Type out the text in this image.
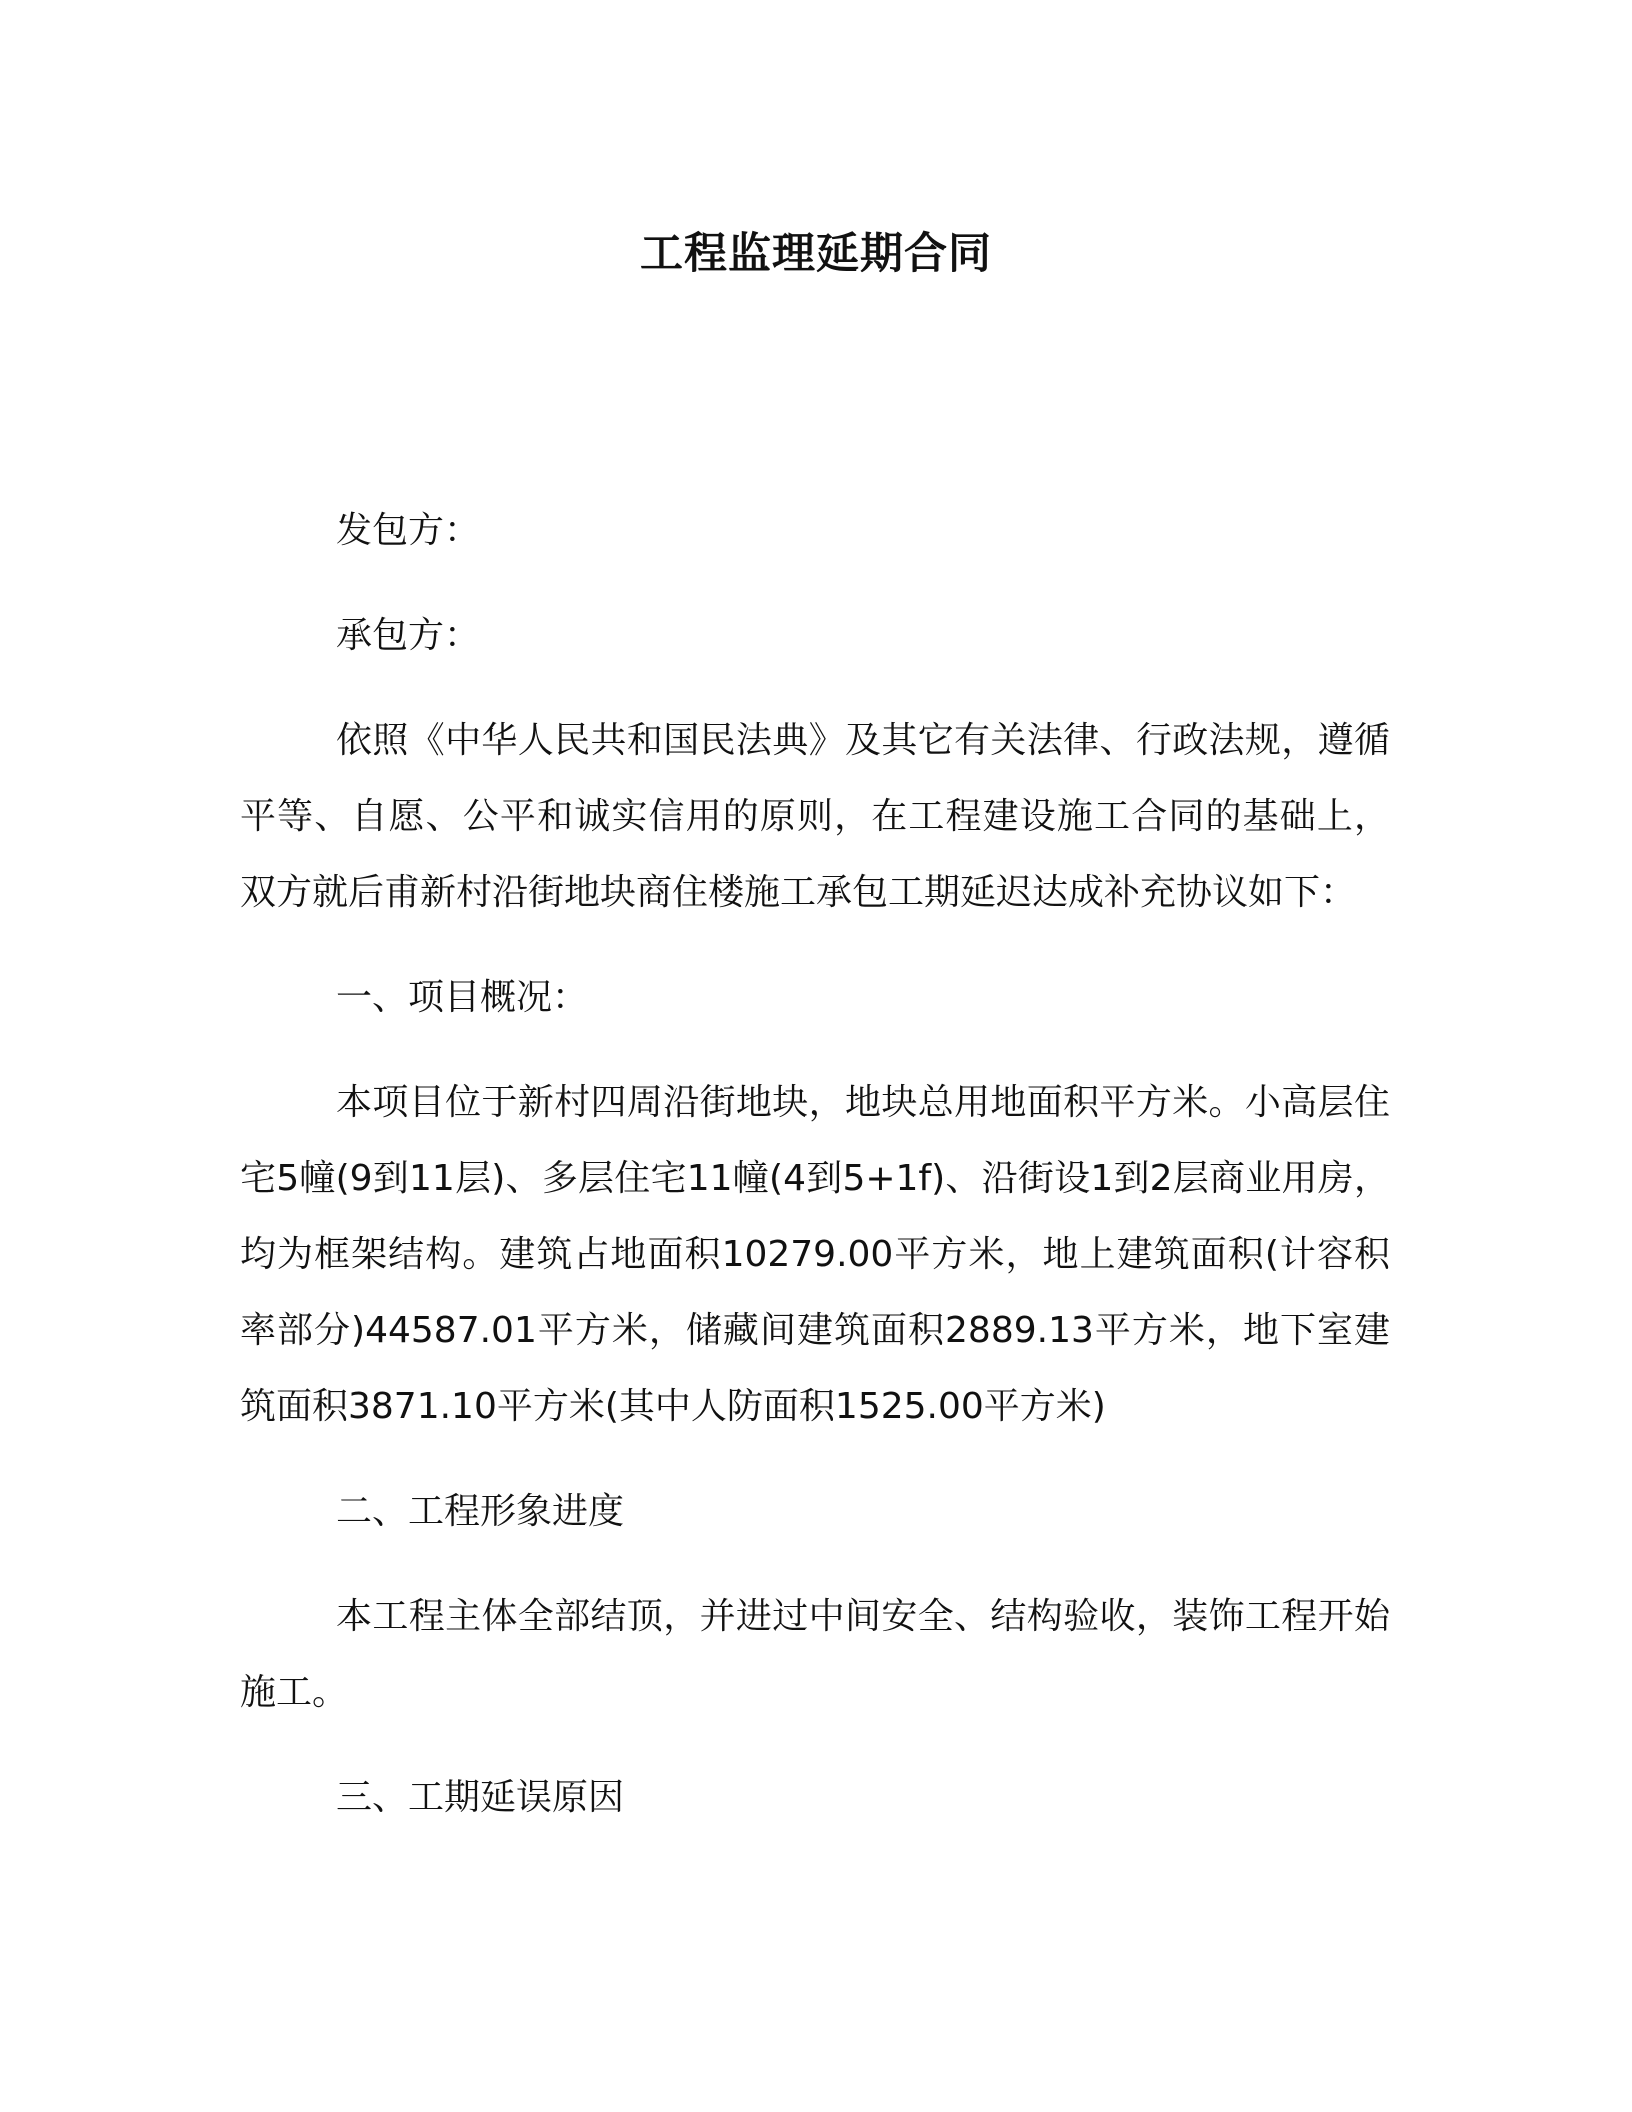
工程监理延期合同

发包方：

承包方：

依照《中华人民共和国民法典》及其它有关法律、行政法规，遵循平等、自愿、公平和诚实信用的原则，在工程建设施工合同的基础上，双方就后甫新村沿街地块商住楼施工承包工期延迟达成补充协议如下：

一、项目概况：

本项目位于新村四周沿街地块，地块总用地面积平方米。小高层住宅5幢(9到11层)、多层住宅11幢(4到5+1f)、沿街设1到2层商业用房，均为框架结构。建筑占地面积10279.00平方米，地上建筑面积(计容积率部分)44587.01平方米，储藏间建筑面积2889.13平方米，地下室建筑面积3871.10平方米(其中人防面积1525.00平方米)

二、工程形象进度

本工程主体全部结顶，并进过中间安全、结构验收，装饰工程开始施工。

三、工期延误原因
